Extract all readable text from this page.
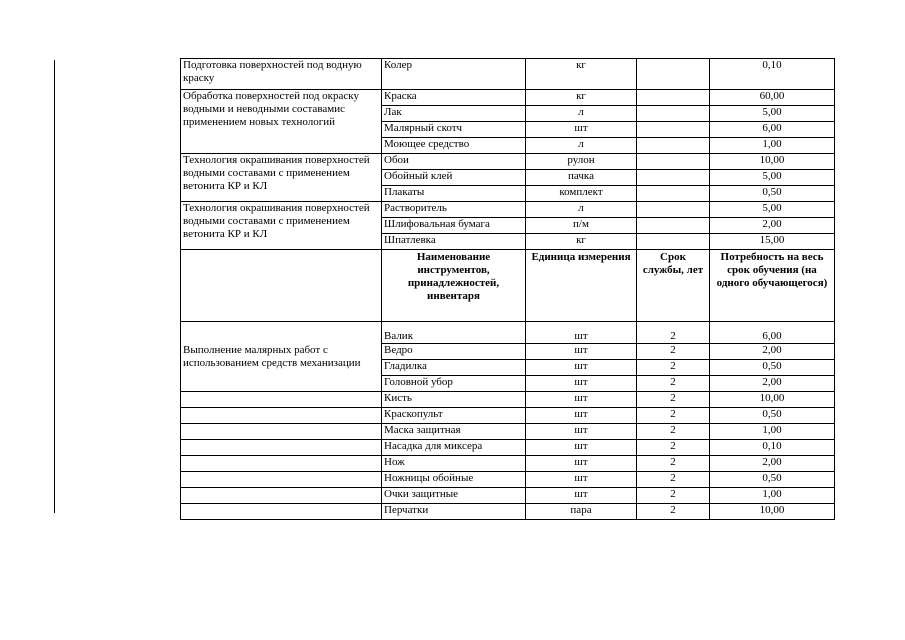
Подготовка поверхностей под водную краску	Колер	кг		0,10
Обработка поверхностей под окраску водными и неводными составамис применением новых технологий	Краска	кг		60,00
	Лак	л		5,00
	Малярный скотч	шт		6,00
	Моющее средство	л		1,00
Технология окрашивания поверхностей водными составами с применением ветонита КР и КЛ	Обои	рулон		10,00
	Обойный клей	пачка		5,00
	Плакаты	комплект		0,50
Технология окрашивания поверхностей водными составами с применением ветонита КР и КЛ	Растворитель	л		5,00
	Шлифовальная бумага	п/м		2,00
	Шпатлевка	кг		15,00
	Наименование инструментов, принадлежностей, инвентаря	Единица измерения	Срок службы, лет	Потребность на весь срок обучения (на одного обучающегося)
Выполнение малярных работ с использованием средств механизации	Валик	шт	2	6,00
	Ведро	шт	2	2,00
	Гладилка	шт	2	0,50
	Головной убор	шт	2	2,00
	Кисть	шт	2	10,00
	Краскопульт	шт	2	0,50
	Маска защитная	шт	2	1,00
	Насадка для миксера	шт	2	0,10
	Нож	шт	2	2,00
	Ножницы обойные	шт	2	0,50
	Очки защитные	шт	2	1,00
	Перчатки	пара	2	10,00
